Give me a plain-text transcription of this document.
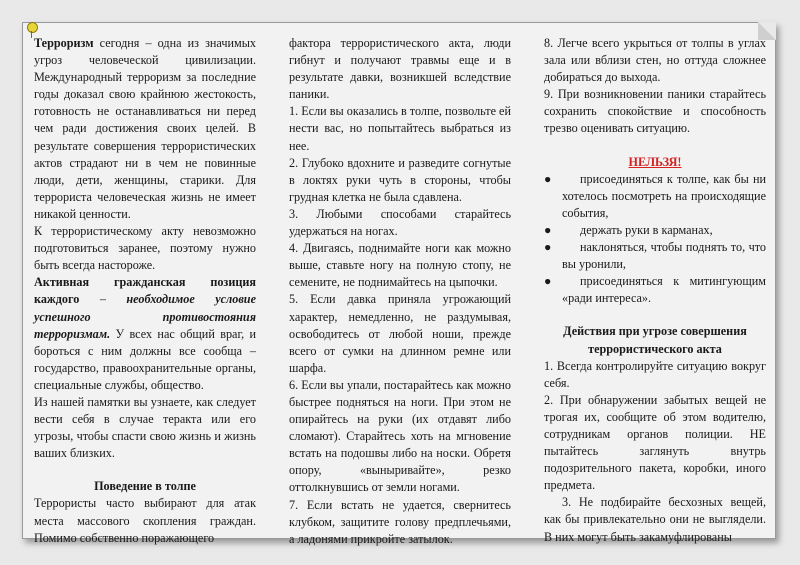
Терроризм сегодня – одна из значимых угроз человеческой цивилизации. Международный терроризм за последние годы доказал свою крайнюю жестокость, готовность не останавливаться ни перед чем ради достижения своих целей. В результате совершения террористических актов страдают ни в чем не повинные люди, дети, женщины, старики. Для террориста человеческая жизнь не имеет никакой ценности.

К террористическому акту невозможно подготовиться заранее, поэтому нужно быть всегда настороже.

Активная гражданская позиция каждого – необходимое условие успешного противостояния терроризмам. У всех нас общий враг, и бороться с ним должны все сообща – государство, правоохранительные органы, специальные службы, общество.

Из нашей памятки вы узнаете, как следует вести себя в случае теракта или его угрозы, чтобы спасти свою жизнь и жизнь ваших близких.

Поведение в толпе

Террористы часто выбирают для атак места массового скопления граждан. Помимо собственно поражающего

фактора террористического акта, люди гибнут и получают травмы еще и в результате давки, возникшей вследствие паники.

1. Если вы оказались в толпе, позвольте ей нести вас, но попытайтесь выбраться из нее.

2. Глубоко вдохните и разведите согнутые в локтях руки чуть в стороны, чтобы грудная клетка не была сдавлена.

3. Любыми способами старайтесь удержаться на ногах.

4. Двигаясь, поднимайте ноги как можно выше, ставьте ногу на полную стопу, не семените, не поднимайтесь на цыпочки.

5. Если давка приняла угрожающий характер, немедленно, не раздумывая, освободитесь от любой ноши, прежде всего от сумки на длинном ремне или шарфа.

6. Если вы упали, постарайтесь как можно быстрее подняться на ноги. При этом не опирайтесь на руки (их отдавят либо сломают). Старайтесь хоть на мгновение встать на подошвы либо на носки. Обретя опору, «выныривайте», резко оттолкнувшись от земли ногами.

7. Если встать не удается, свернитесь клубком, защитите голову предплечьями, а ладонями прикройте затылок.

8. Легче всего укрыться от толпы в углах зала или вблизи стен, но оттуда сложнее добираться до выхода.

9. При возникновении паники старайтесь сохранить спокойствие и способность трезво оценивать ситуацию.

НЕЛЬЗЯ!

●	присоединяться к толпе, как бы ни хотелось посмотреть на происходящие события,
●	держать руки в карманах,
●	наклоняться, чтобы поднять то, что вы уронили,
●	присоединяться к митингующим «ради интереса».

Действия при угрозе совершения террористического акта

1. Всегда контролируйте ситуацию вокруг себя.

2. При обнаружении забытых вещей не трогая их, сообщите об этом водителю, сотрудникам органов полиции. НЕ пытайтесь заглянуть внутрь подозрительного пакета, коробки, иного предмета.

3. Не подбирайте бесхозных вещей, как бы привлекательно они не выглядели. В них могут быть закамуфлированы
